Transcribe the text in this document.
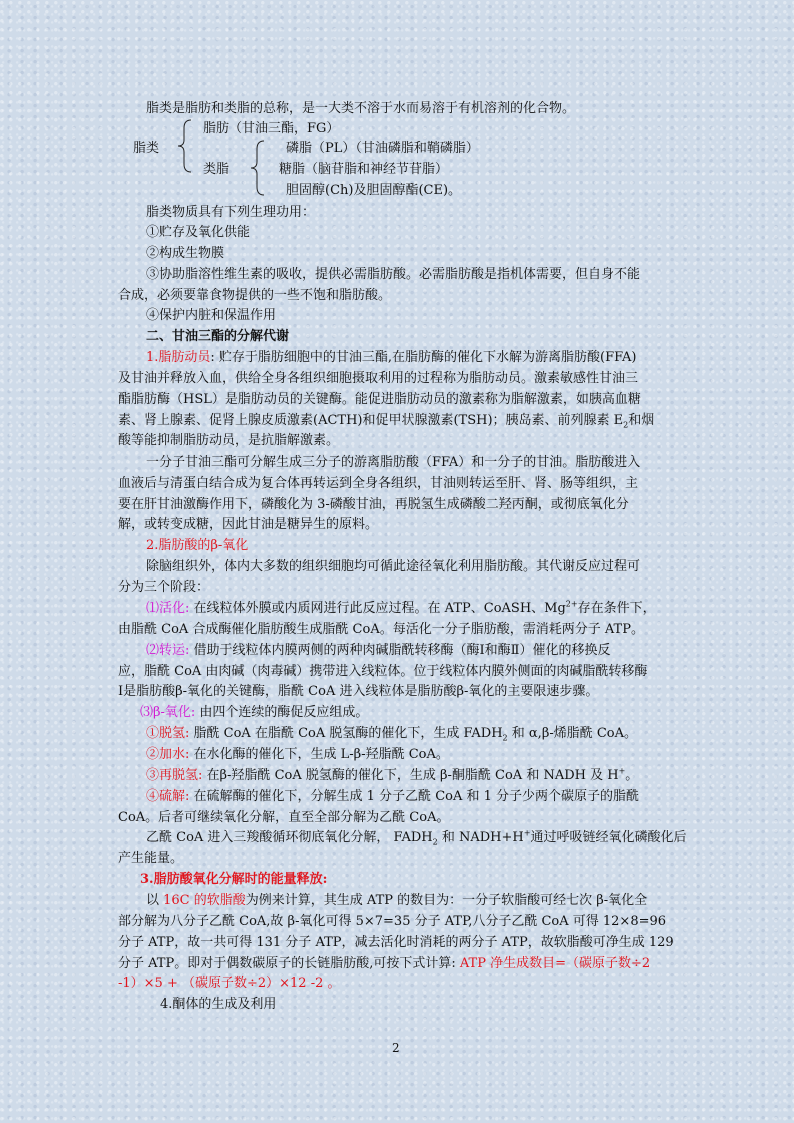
脂类是脂肪和类脂的总称，是一大类不溶于水而易溶于有机溶剂的化合物。
脂类
脂肪（甘油三酯，FG）
类脂
磷脂（PL）（甘油磷脂和鞘磷脂）
糖脂（脑苷脂和神经节苷脂）
胆固醇(Ch)及胆固醇酯(CE)。
脂类物质具有下列生理功用：
①贮存及氧化供能
②构成生物膜
③协助脂溶性维生素的吸收，提供必需脂肪酸。必需脂肪酸是指机体需要，但自身不能
合成，必须要靠食物提供的一些不饱和脂肪酸。
④保护内脏和保温作用
二、甘油三酯的分解代谢
1.脂肪动员: 贮存于脂肪细胞中的甘油三酯,在脂肪酶的催化下水解为游离脂肪酸(FFA)
及甘油并释放入血，供给全身各组织细胞摄取利用的过程称为脂肪动员。激素敏感性甘油三
酯脂肪酶（HSL）是脂肪动员的关键酶。能促进脂肪动员的激素称为脂解激素，如胰高血糖
素、肾上腺素、促肾上腺皮质激素(ACTH)和促甲状腺激素(TSH)；胰岛素、前列腺素 $E_2$和烟
酸等能抑制脂肪动员，是抗脂解激素。
一分子甘油三酯可分解生成三分子的游离脂肪酸（FFA）和一分子的甘油。脂肪酸进入
血液后与清蛋白结合成为复合体再转运到全身各组织，甘油则转运至肝、肾、肠等组织，主
要在肝甘油激酶作用下，磷酸化为 3-磷酸甘油，再脱氢生成磷酸二羟丙酮，或彻底氧化分
解，或转变成糖，因此甘油是糖异生的原料。
2.脂肪酸的β-氧化
除脑组织外，体内大多数的组织细胞均可循此途径氧化利用脂肪酸。其代谢反应过程可
分为三个阶段：
⑴活化: 在线粒体外膜或内质网进行此反应过程。在 ATP、CoASH、$Mg^{2+}$存在条件下，
由脂酰 CoA 合成酶催化脂肪酸生成脂酰 CoA。每活化一分子脂肪酸，需消耗两分子 ATP。
⑵转运: 借助于线粒体内膜两侧的两种肉碱脂酰转移酶（酶Ⅰ和酶Ⅱ）催化的移换反
应，脂酰 CoA 由肉碱（肉毒碱）携带进入线粒体。位于线粒体内膜外侧面的肉碱脂酰转移酶
Ⅰ是脂肪酸β-氧化的关键酶，脂酰 CoA 进入线粒体是脂肪酸β-氧化的主要限速步骤。
⑶β-氧化: 由四个连续的酶促反应组成。
①脱氢: 脂酰 CoA 在脂酰 CoA 脱氢酶的催化下，生成 $FADH_2$ 和 α,β-烯脂酰 CoA。
②加水: 在水化酶的催化下，生成 L-β-羟脂酰 CoA。
③再脱氢: 在β-羟脂酰 CoA 脱氢酶的催化下，生成 β-酮脂酰 CoA 和 NADH 及 H+。
④硫解: 在硫解酶的催化下，分解生成 1 分子乙酰 CoA 和 1 分子少两个碳原子的脂酰
CoA。后者可继续氧化分解，直至全部分解为乙酰 CoA。
乙酰 CoA 进入三羧酸循环彻底氧化分解， $FADH_2$ 和 NADH+H+通过呼吸链经氧化磷酸化后
产生能量。
3.脂肪酸氧化分解时的能量释放:
以 16C 的软脂酸为例来计算，其生成 ATP 的数目为：一分子软脂酸可经七次 β-氧化全
部分解为八分子乙酰 CoA,故 β-氧化可得 5×7=35 分子 ATP,八分子乙酰 CoA 可得 12×8=96
分子 ATP，故一共可得 131 分子 ATP，减去活化时消耗的两分子 ATP，故软脂酸可净生成 129
分子 ATP。即对于偶数碳原子的长链脂肪酸,可按下式计算: ATP 净生成数目=（碳原子数÷2
-1）×5 + （碳原子数÷2）×12 -2 。
4.酮体的生成及利用
2
